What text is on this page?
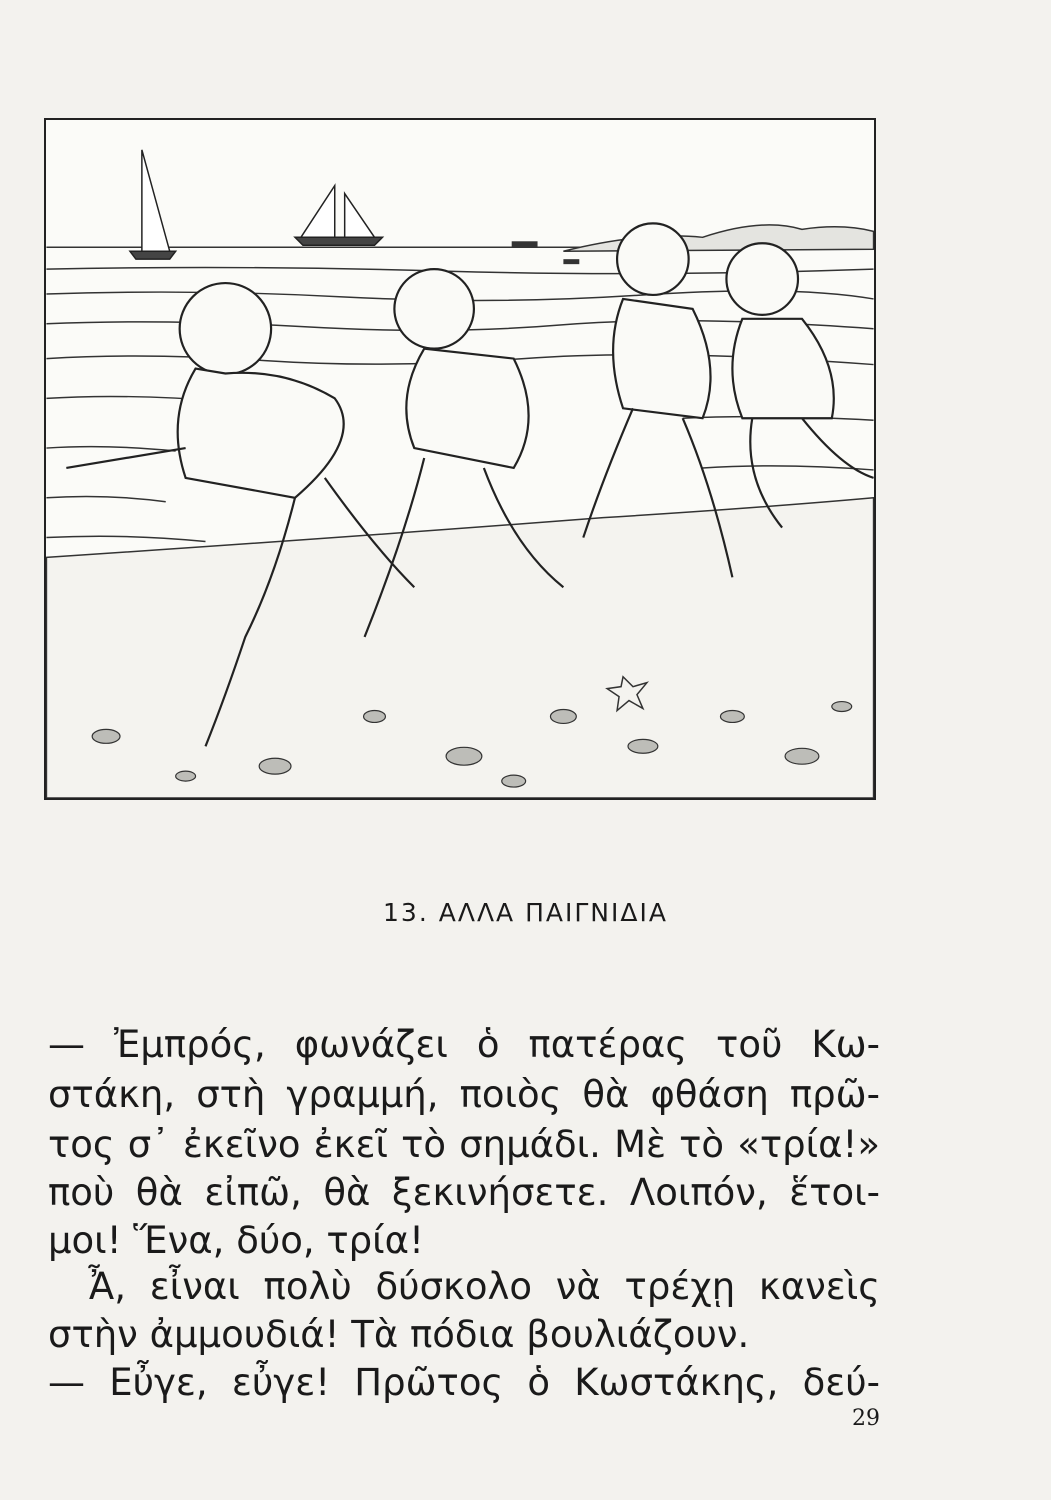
13. ΑΛΛΑ ΠΑΙΓΝΙΔΙΑ
— Ἐμπρός, φωνάζει ὁ πατέρας τοῦ Κω-
στάκη, στὴ γραμμή, ποιὸς θὰ φθάση πρῶ-
τος σ᾽ ἐκεῖνο ἐκεῖ τὸ σημάδι. Μὲ τὸ «τρία!»
ποὺ θὰ εἰπῶ, θὰ ξεκινήσετε. Λοιπόν, ἕτοι-
μοι! Ἕνα, δύο, τρία!
Ἆ, εἶναι πολὺ δύσκολο νὰ τρέχῃ κανεὶς
στὴν ἀμμουδιά! Τὰ πόδια βουλιάζουν.
— Εὖγε, εὖγε! Πρῶτος ὁ Κωστάκης, δεύ-
29
